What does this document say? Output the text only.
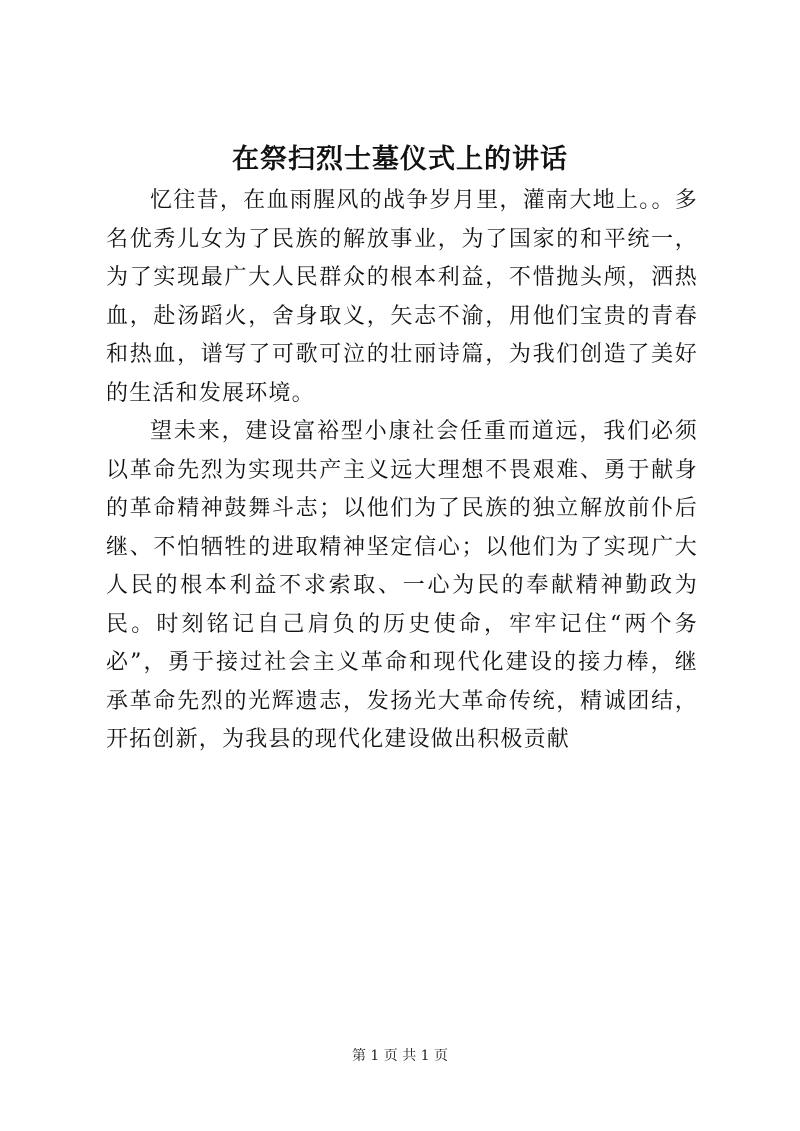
在祭扫烈士墓仪式上的讲话

忆往昔，在血雨腥风的战争岁月里，灌南大地上。。多名优秀儿女为了民族的解放事业，为了国家的和平统一，为了实现最广大人民群众的根本利益，不惜抛头颅，洒热血，赴汤蹈火，舍身取义，矢志不渝，用他们宝贵的青春和热血，谱写了可歌可泣的壮丽诗篇，为我们创造了美好的生活和发展环境。

望未来，建设富裕型小康社会任重而道远，我们必须以革命先烈为实现共产主义远大理想不畏艰难、勇于献身的革命精神鼓舞斗志；以他们为了民族的独立解放前仆后继、不怕牺牲的进取精神坚定信心；以他们为了实现广大人民的根本利益不求索取、一心为民的奉献精神勤政为民。时刻铭记自己肩负的历史使命，牢牢记住“两个务必”，勇于接过社会主义革命和现代化建设的接力棒，继承革命先烈的光辉遗志，发扬光大革命传统，精诚团结，开拓创新，为我县的现代化建设做出积极贡献

第 1 页 共 1 页
